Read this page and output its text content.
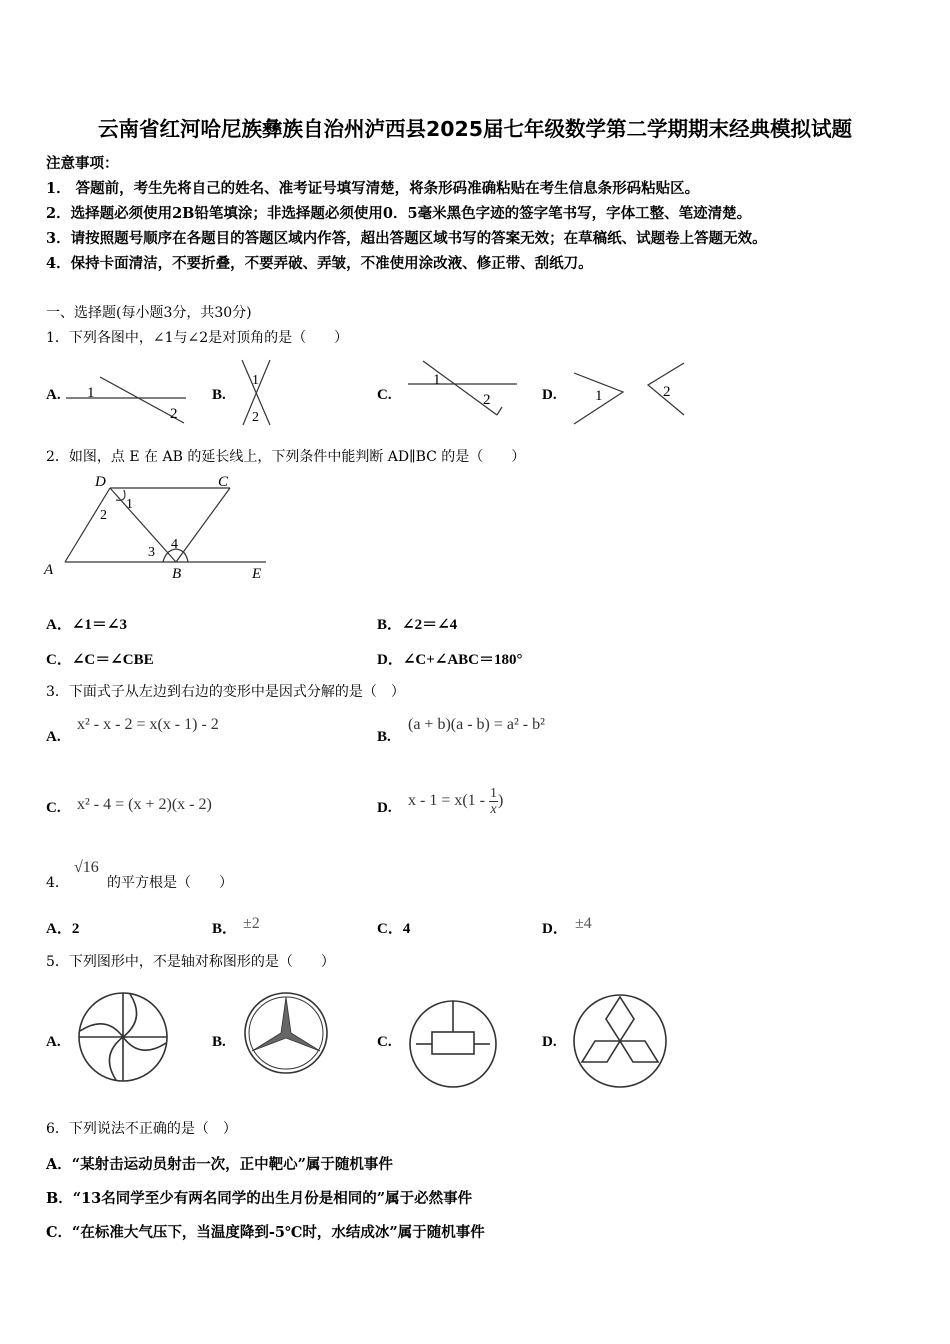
云南省红河哈尼族彝族自治州泸西县2025届七年级数学第二学期期末经典模拟试题
注意事项：
1． 答题前，考生先将自己的姓名、准考证号填写清楚，将条形码准确粘贴在考生信息条形码粘贴区。
2．选择题必须使用2B铅笔填涂；非选择题必须使用0．5毫米黑色字迹的签字笔书写，字体工整、笔迹清楚。
3．请按照题号顺序在各题目的答题区域内作答，超出答题区域书写的答案无效；在草稿纸、试题卷上答题无效。
4．保持卡面清洁，不要折叠，不要弄破、弄皱，不准使用涂改液、修正带、刮纸刀。
一、选择题(每小题3分，共30分)
1．下列各图中，∠1与∠2是对顶角的是（　　）
A.	B.	C.	D.
1
2
1
2
1
2	1	2
2．如图，点 E 在 AB 的延长线上，下列条件中能判断 AD∥BC 的是（　　）
D	C
A	B	E
1
2
3
4
A．∠1＝∠3	B．∠2＝∠4
C．∠C＝∠CBE	D．∠C+∠ABC＝180°
3．下面式子从左边到右边的变形中是因式分解的是（　）
A.
x² - x - 2 = x(x - 1) - 2
B.
(a + b)(a - b) = a² - b²
C. x² - 4 = (x + 2)(x - 2)	D. $x - 1 = x(1 - \frac{1}{x}$ )
4．
√16
的平方根是（　　）
A．2	B． ±2	C．4	D． ±4
5．下列图形中，不是轴对称图形的是（　　）
A.	B.	C.	D.
6．下列说法不正确的是（　）
A．“某射击运动员射击一次，正中靶心”属于随机事件
B．“13名同学至少有两名同学的出生月份是相同的”属于必然事件
C．“在标准大气压下，当温度降到-5℃时，水结成冰”属于随机事件
